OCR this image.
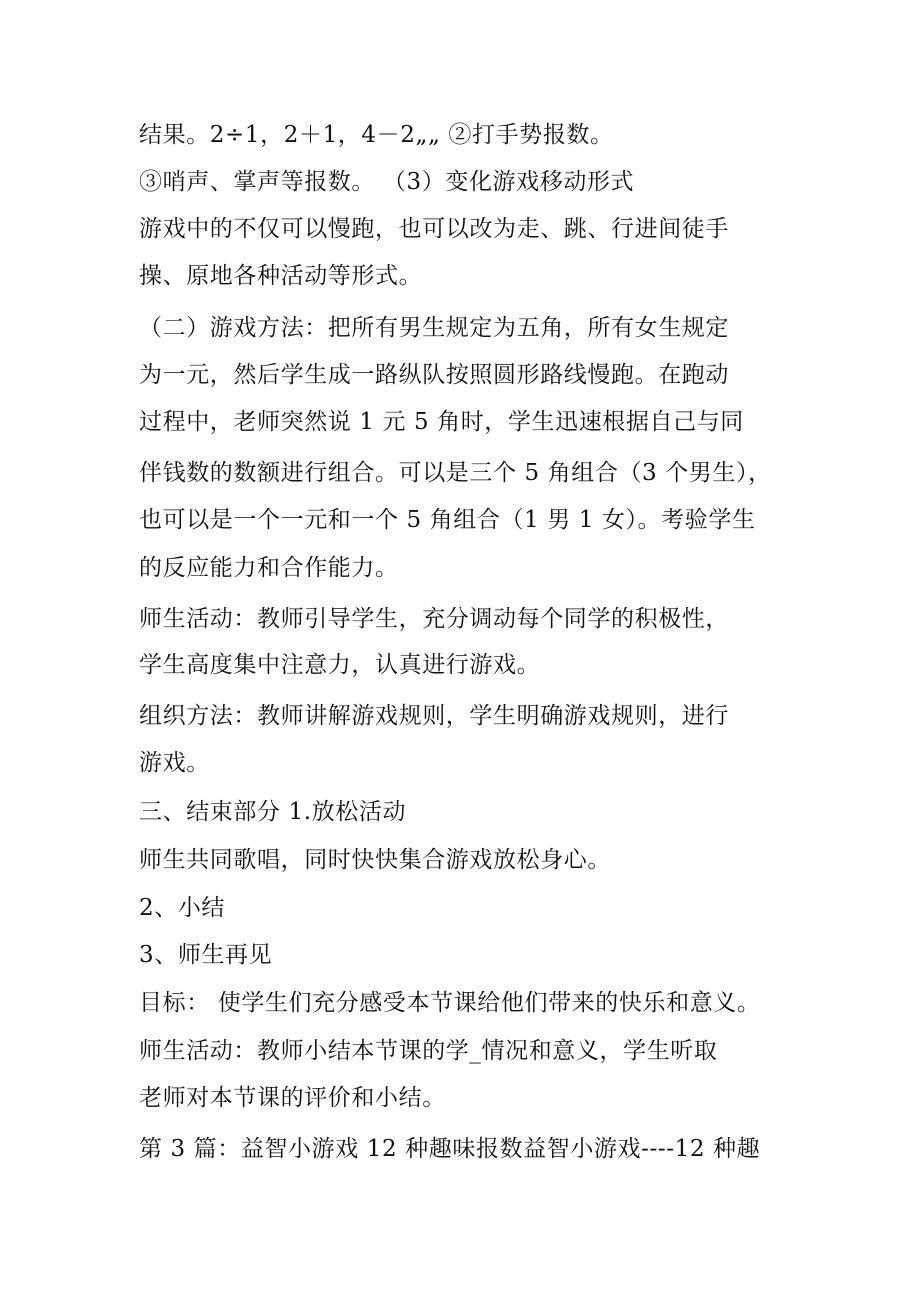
结果。2÷1，2＋1，4－2„„ ②打手势报数。
③哨声、掌声等报数。 （3）变化游戏移动形式
游戏中的不仅可以慢跑，也可以改为走、跳、行进间徒手
操、原地各种活动等形式。
（二）游戏方法：把所有男生规定为五角，所有女生规定
为一元，然后学生成一路纵队按照圆形路线慢跑。在跑动
过程中，老师突然说 1 元 5 角时，学生迅速根据自己与同
伴钱数的数额进行组合。可以是三个 5 角组合（3 个男生），
也可以是一个一元和一个 5 角组合（1 男 1 女）。考验学生
的反应能力和合作能力。
师生活动：教师引导学生，充分调动每个同学的积极性，
学生高度集中注意力，认真进行游戏。
组织方法：教师讲解游戏规则，学生明确游戏规则，进行
游戏。
三、结束部分 1.放松活动
师生共同歌唱，同时快快集合游戏放松身心。
2、小结
3、师生再见
目标： 使学生们充分感受本节课给他们带来的快乐和意义。
师生活动：教师小结本节课的学_情况和意义，学生听取
老师对本节课的评价和小结。
第 3 篇：益智小游戏 12 种趣味报数益智小游戏----12 种趣
